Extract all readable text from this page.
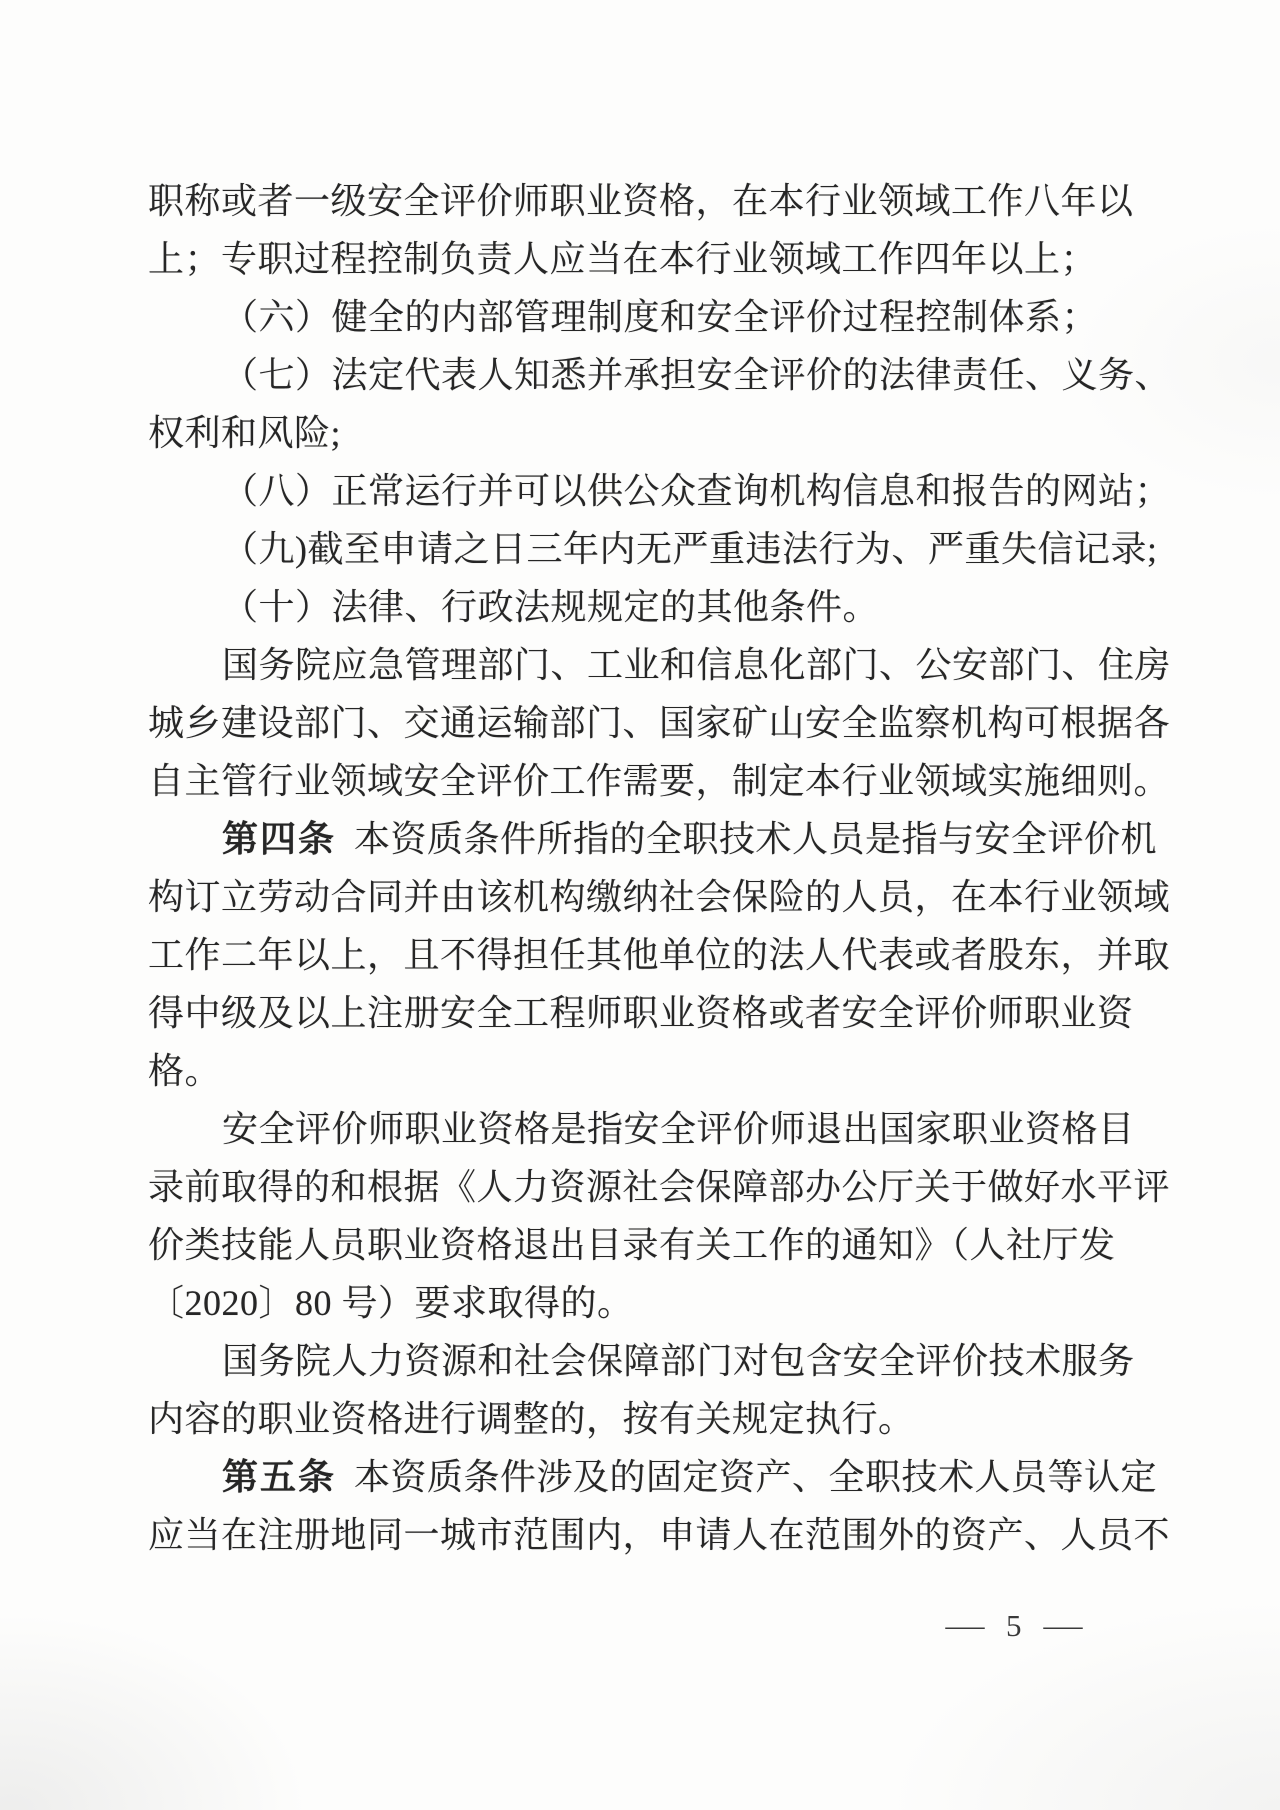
职称或者一级安全评价师职业资格，在本行业领域工作八年以
上；专职过程控制负责人应当在本行业领域工作四年以上；
（六）健全的内部管理制度和安全评价过程控制体系；
（七）法定代表人知悉并承担安全评价的法律责任、义务、
权利和风险;
（八）正常运行并可以供公众查询机构信息和报告的网站；
（九)截至申请之日三年内无严重违法行为、严重失信记录;
（十）法律、行政法规规定的其他条件。
国务院应急管理部门、工业和信息化部门、公安部门、住房
城乡建设部门、交通运输部门、国家矿山安全监察机构可根据各
自主管行业领域安全评价工作需要，制定本行业领域实施细则。
第四条 本资质条件所指的全职技术人员是指与安全评价机
构订立劳动合同并由该机构缴纳社会保险的人员，在本行业领域
工作二年以上，且不得担任其他单位的法人代表或者股东，并取
得中级及以上注册安全工程师职业资格或者安全评价师职业资
格。
安全评价师职业资格是指安全评价师退出国家职业资格目
录前取得的和根据《人力资源社会保障部办公厅关于做好水平评
价类技能人员职业资格退出目录有关工作的通知》（人社厅发
〔2020〕80 号）要求取得的。
国务院人力资源和社会保障部门对包含安全评价技术服务
内容的职业资格进行调整的，按有关规定执行。
第五条 本资质条件涉及的固定资产、全职技术人员等认定
应当在注册地同一城市范围内，申请人在范围外的资产、人员不
— 5 —
